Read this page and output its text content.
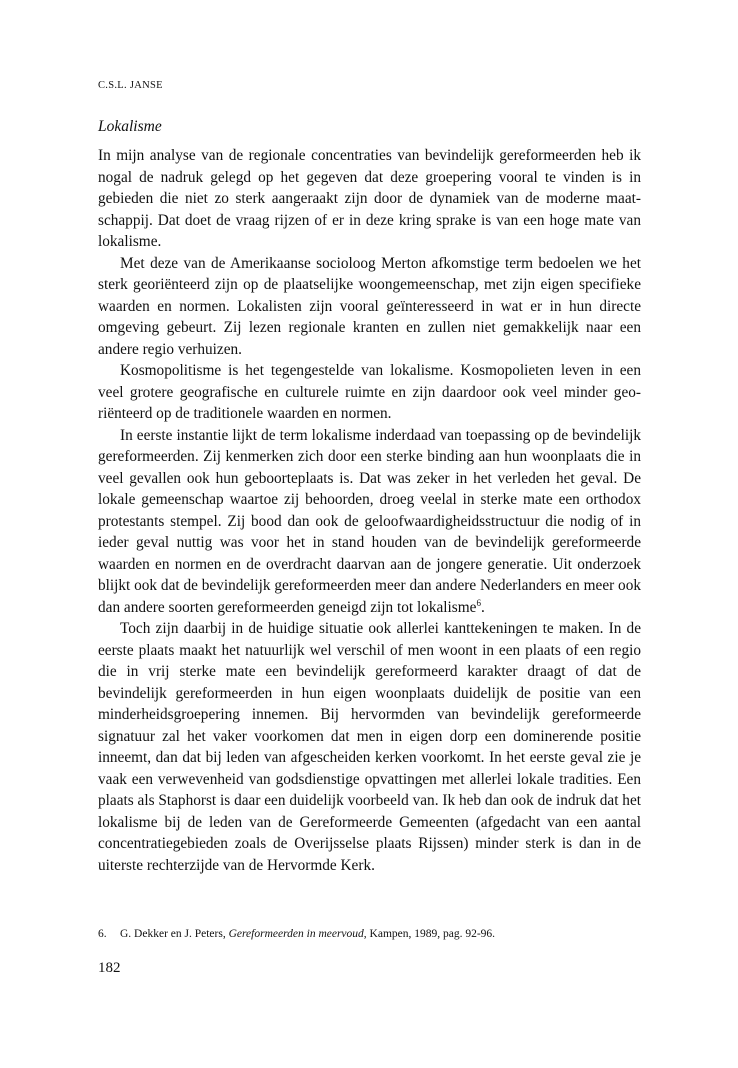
C.S.L. JANSE
Lokalisme

In mijn analyse van de regionale concentraties van bevindelijk gereformeerden heb ik nogal de nadruk gelegd op het gegeven dat deze groepering vooral te vinden is in gebieden die niet zo sterk aangeraakt zijn door de dynamiek van de moderne maatschappij. Dat doet de vraag rijzen of er in deze kring sprake is van een hoge mate van lokalisme.

Met deze van de Amerikaanse socioloog Merton afkomstige term bedoelen we het sterk georiënteerd zijn op de plaatselijke woongemeenschap, met zijn eigen specifieke waarden en normen. Lokalisten zijn vooral geïnteresseerd in wat er in hun directe omgeving gebeurt. Zij lezen regionale kranten en zullen niet gemakkelijk naar een andere regio verhuizen.

Kosmopolitisme is het tegengestelde van lokalisme. Kosmopolieten leven in een veel grotere geografische en culturele ruimte en zijn daardoor ook veel minder georiënteerd op de traditionele waarden en normen.

In eerste instantie lijkt de term lokalisme inderdaad van toepassing op de bevindelijk gereformeerden. Zij kenmerken zich door een sterke binding aan hun woonplaats die in veel gevallen ook hun geboorteplaats is. Dat was zeker in het verleden het geval. De lokale gemeenschap waartoe zij behoorden, droeg veelal in sterke mate een orthodox protestants stempel. Zij bood dan ook de geloofwaardigheidsstructuur die nodig of in ieder geval nuttig was voor het in stand houden van de bevindelijk gereformeerde waarden en normen en de overdracht daarvan aan de jongere generatie. Uit onderzoek blijkt ook dat de bevindelijk gereformeerden meer dan andere Nederlanders en meer ook dan andere soorten gereformeerden geneigd zijn tot lokalisme$^6$.

Toch zijn daarbij in de huidige situatie ook allerlei kanttekeningen te maken. In de eerste plaats maakt het natuurlijk wel verschil of men woont in een plaats of een regio die in vrij sterke mate een bevindelijk gereformeerd karakter draagt of dat de bevindelijk gereformeerden in hun eigen woonplaats duidelijk de positie van een minderheidsgroepering innemen. Bij hervormden van bevindelijk gereformeerde signatuur zal het vaker voorkomen dat men in eigen dorp een dominerende positie inneemt, dan dat bij leden van afgescheiden kerken voorkomt. In het eerste geval zie je vaak een verwevenheid van godsdienstige opvattingen met allerlei lokale tradities. Een plaats als Staphorst is daar een duidelijk voorbeeld van. Ik heb dan ook de indruk dat het lokalisme bij de leden van de Gereformeerde Gemeenten (afgedacht van een aantal concentratiegebieden zoals de Overijsselse plaats Rijssen) minder sterk is dan in de uiterste rechterzijde van de Hervormde Kerk.

6. G. Dekker en J. Peters, Gereformeerden in meervoud, Kampen, 1989, pag. 92-96.
182
